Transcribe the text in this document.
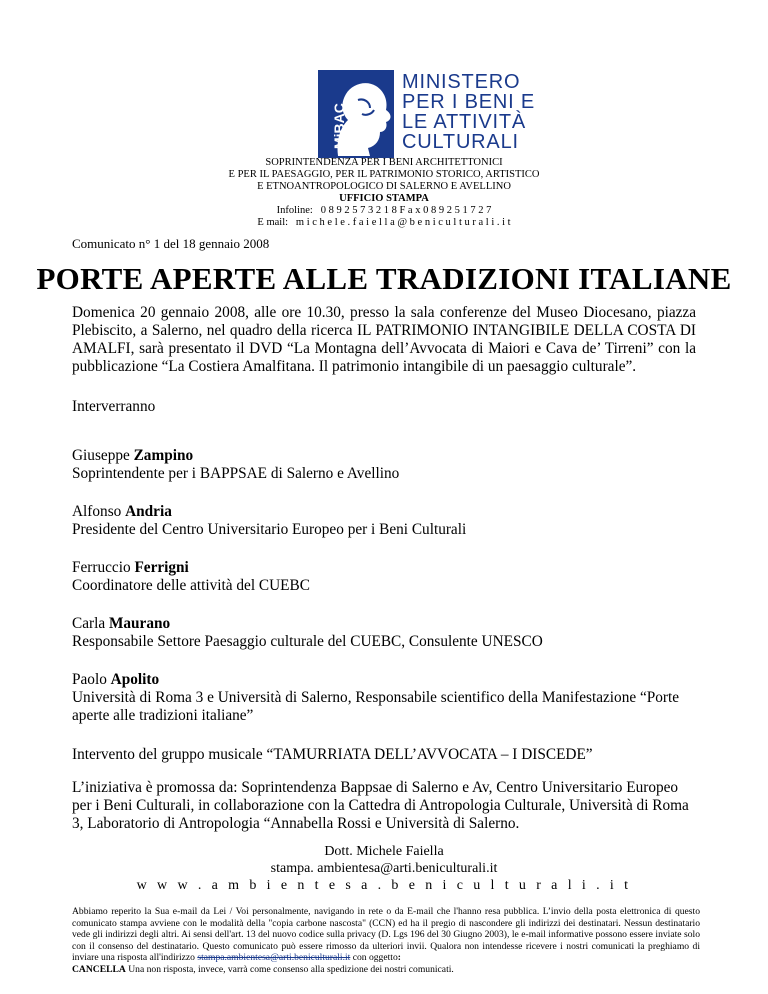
MiBAC
MINISTERO
PER I BENI E
LE ATTIVITÀ
CULTURALI
SOPRINTENDENZA PER I BENI ARCHITETTONICI
E PER IL PAESAGGIO, PER IL PATRIMONIO STORICO, ARTISTICO
E ETNOANTROPOLOGICO DI SALERNO E AVELLINO
UFFICIO STAMPA
Infoline: 0 8 9 2 5 7 3 2 1 8 F a x 0 8 9 2 5 1 7 2 7
E mail: m i c h e l e . f a i e l l a @ b e n i c u l t u r a l i . i t
Comunicato n° 1 del 18 gennaio 2008
PORTE APERTE ALLE TRADIZIONI ITALIANE
Domenica 20 gennaio 2008, alle ore 10.30, presso la sala conferenze del Museo Diocesano, piazza Plebiscito, a Salerno, nel quadro della ricerca IL PATRIMONIO INTANGIBILE DELLA COSTA DI AMALFI, sarà presentato il DVD “La Montagna dell’Avvocata di Maiori e Cava de’ Tirreni” con la pubblicazione “La Costiera Amalfitana. Il patrimonio intangibile di un paesaggio culturale”.
Interverranno
Giuseppe Zampino
Soprintendente per i BAPPSAE di Salerno e Avellino
Alfonso Andria
Presidente del Centro Universitario Europeo per i Beni Culturali
Ferruccio Ferrigni
Coordinatore delle attività del CUEBC
Carla Maurano
Responsabile Settore Paesaggio culturale del CUEBC, Consulente UNESCO
Paolo Apolito
Università di Roma 3 e Università di Salerno, Responsabile scientifico della Manifestazione “Porte aperte alle tradizioni italiane”
Intervento del gruppo musicale “TAMURRIATA DELL’AVVOCATA – I DISCEDE”
L’iniziativa è promossa da: Soprintendenza Bappsae di Salerno e Av, Centro Universitario Europeo per i Beni Culturali, in collaborazione con la Cattedra di Antropologia Culturale, Università di Roma 3, Laboratorio di Antropologia “Annabella Rossi e Università di Salerno.
Dott. Michele Faiella
stampa. ambientesa@arti.beniculturali.it
w w w . a m b i e n t e s a . b e n i c u l t u r a l i . i t
Abbiamo reperito la Sua e-mail da Lei / Voi personalmente, navigando in rete o da E-mail che l'hanno resa pubblica. L’invio della posta elettronica di questo comunicato stampa avviene con le modalità della "copia carbone nascosta" (CCN) ed ha il pregio di nascondere gli indirizzi dei destinatari. Nessun destinatario vede gli indirizzi degli altri. Ai sensi dell'art. 13 del nuovo codice sulla privacy (D. Lgs 196 del 30 Giugno 2003), le e-mail informative possono essere inviate solo con il consenso del destinatario. Questo comunicato può essere rimosso da ulteriori invii. Qualora non intendesse ricevere i nostri comunicati la preghiamo di inviare una risposta all'indirizzo stampa.ambientesa@arti.beniculturali.it con oggetto:
CANCELLA Una non risposta, invece, varrà come consenso alla spedizione dei nostri comunicati.
